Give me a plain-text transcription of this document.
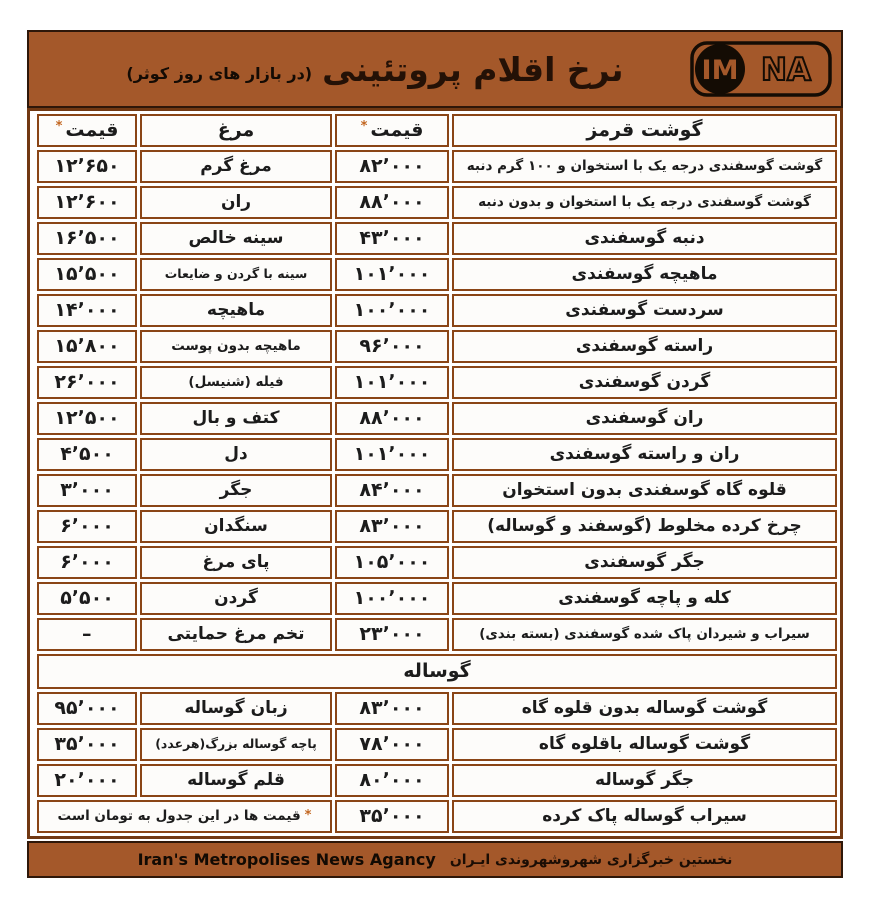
IM NA
نرخ اقلام پروتئینی
(در بازار های روز کوثر)
گوشت قرمز
قیمت
*
مرغ
قیمت
*
گوشت گوسفندی درجه یک با استخوان و ۱۰۰ گرم دنبه
۸۲٬۰۰۰
مرغ گرم
۱۲٬۶۵۰
گوشت گوسفندی درجه یک با استخوان و بدون دنبه
۸۸٬۰۰۰
ران
۱۲٬۶۰۰
دنبه گوسفندی
۴۳٬۰۰۰
سینه خالص
۱۶٬۵۰۰
ماهیچه گوسفندی
۱۰۱٬۰۰۰
سینه با گردن و ضایعات
۱۵٬۵۰۰
سردست گوسفندی
۱۰۰٬۰۰۰
ماهیچه
۱۴٬۰۰۰
راسته گوسفندی
۹۶٬۰۰۰
ماهیچه بدون پوست
۱۵٬۸۰۰
گردن گوسفندی
۱۰۱٬۰۰۰
فیله (شنیسل)
۲۶٬۰۰۰
ران گوسفندی
۸۸٬۰۰۰
کتف و بال
۱۲٬۵۰۰
ران و راسته گوسفندی
۱۰۱٬۰۰۰
دل
۴٬۵۰۰
قلوه گاه گوسفندی بدون استخوان
۸۴٬۰۰۰
جگر
۳٬۰۰۰
چرخ کرده مخلوط (گوسفند و گوساله)
۸۳٬۰۰۰
سنگدان
۶٬۰۰۰
جگر گوسفندی
۱۰۵٬۰۰۰
پای مرغ
۶٬۰۰۰
کله و پاچه گوسفندی
۱۰۰٬۰۰۰
گردن
۵٬۵۰۰
سیراب و شیردان پاک شده گوسفندی (بسته بندی)
۲۳٬۰۰۰
تخم مرغ حمایتی
–
گوساله
گوشت گوساله بدون قلوه گاه
۸۳٬۰۰۰
زبان گوساله
۹۵٬۰۰۰
گوشت گوساله باقلوه گاه
۷۸٬۰۰۰
پاچه گوساله بزرگ(هرعدد)
۳۵٬۰۰۰
جگر گوساله
۸۰٬۰۰۰
قلم گوساله
۲۰٬۰۰۰
سیراب گوساله پاک کرده
۳۵٬۰۰۰
*
قیمت ها در این جدول به تومان است
نخستین خبرگزاری شهروشهروندی ایـران
Iran's Metropolises News Agancy
